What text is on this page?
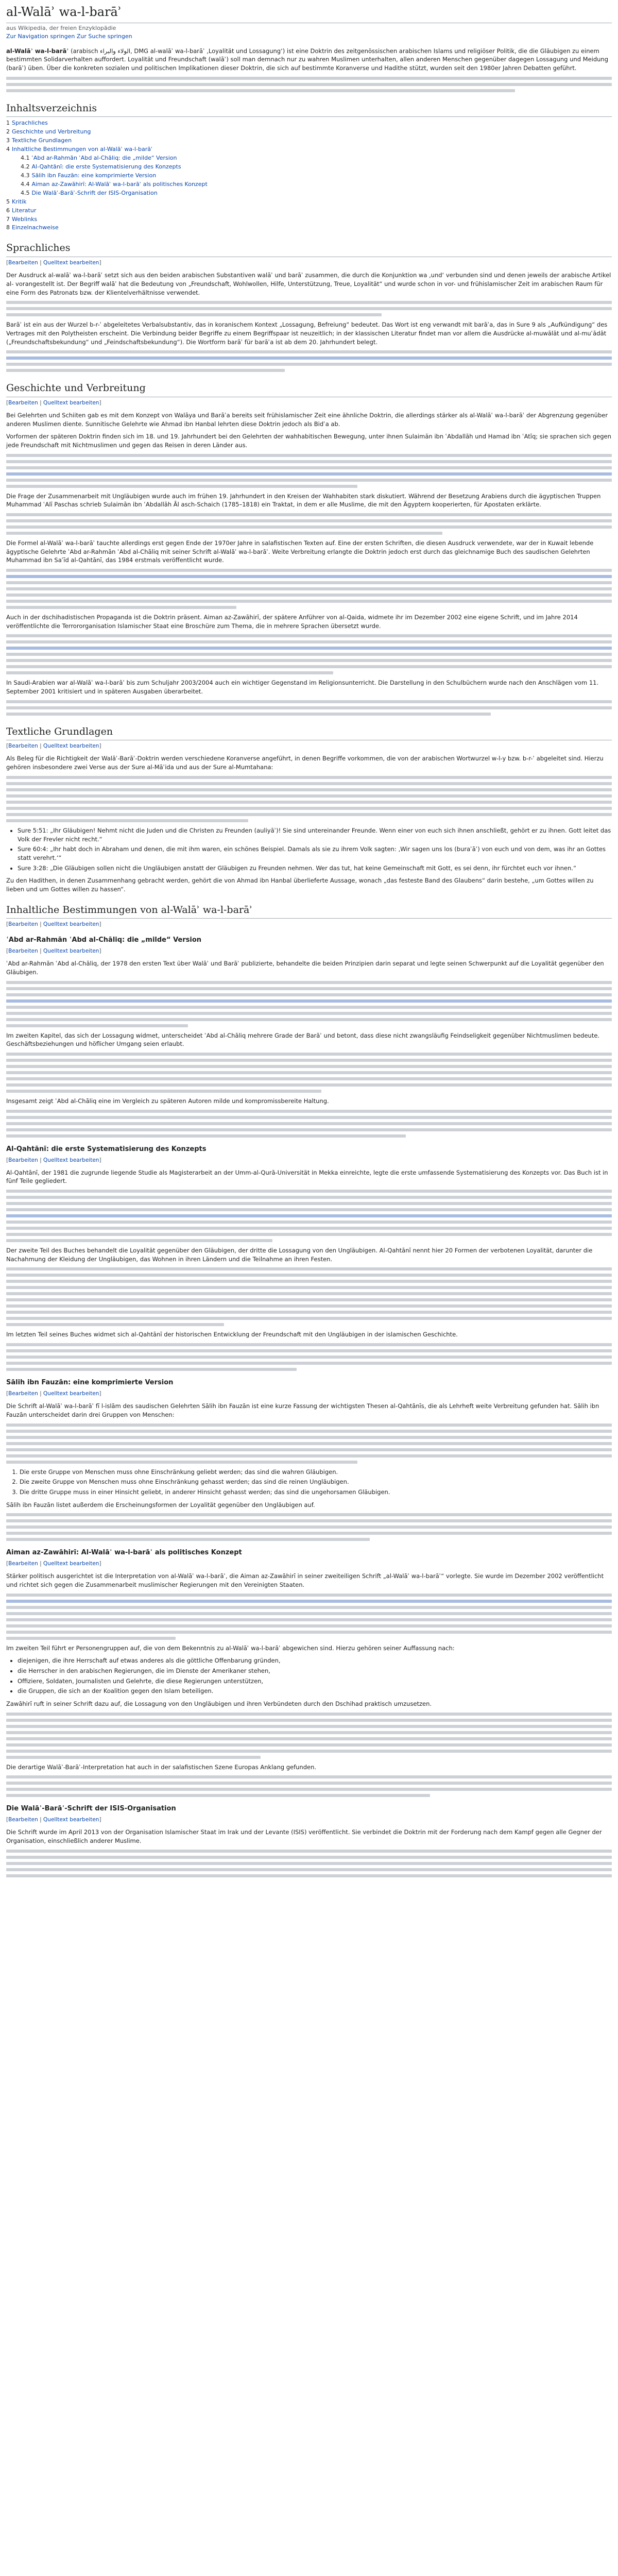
al-Walāʾ wa-l-barāʾ
aus Wikipedia, der freien Enzyklopädie
Zur Navigation springen Zur Suche springen

al-Walāʾ wa-l-barāʾ (arabisch الولاء والبراء, DMG al-walāʾ wa-l-barāʾ ‚Loyalität und Lossagung‘) ist eine Doktrin des zeitgenössischen arabischen Islams und religiöser Politik, die die Gläubigen zu einem bestimmten Solidarverhalten auffordert. Loyalität und Freundschaft (walāʾ) soll man demnach nur zu wahren Muslimen unterhalten, allen anderen Menschen gegenüber dagegen Lossagung und Meidung (barāʾ) üben. Über die konkreten sozialen und politischen Implikationen dieser Doktrin, die sich auf bestimmte Koranverse und Hadithe stützt, wurden seit den 1980er Jahren Debatten geführt.

Inhaltsverzeichnis
1 Sprachliches
2 Geschichte und Verbreitung
3 Textliche Grundlagen
4 Inhaltliche Bestimmungen von al-Walāʾ wa-l-barāʾ
4.1 ʿAbd ar-Rahmān ʿAbd al-Chāliq: die „milde“ Version
4.2 Al-Qahtānī: die erste Systematisierung des Konzepts
4.3 Sālih ibn Fauzān: eine komprimierte Version
4.4 Aiman az-Zawāhirī: Al-Walāʾ wa-l-barāʾ als politisches Konzept
4.5 Die Walāʾ-Barāʾ-Schrift der ISIS-Organisation
5 Kritik
6 Literatur
7 Weblinks
8 Einzelnachweise
Sprachliches
[Bearbeiten | Quelltext bearbeiten]

Der Ausdruck al-walāʾ wa-l-barāʾ setzt sich aus den beiden arabischen Substantiven walāʾ und barāʾ zusammen, die durch die Konjunktion wa ‚und‘ verbunden sind und denen jeweils der arabische Artikel al- vorangestellt ist. Der Begriff walāʾ hat die Bedeutung von „Freundschaft, Wohlwollen, Hilfe, Unterstützung, Treue, Loyalität“ und wurde schon in vor- und frühislamischer Zeit im arabischen Raum für eine Form des Patronats bzw. der Klientelverhältnisse verwendet.

Barāʾ ist ein aus der Wurzel b-r-ʾ abgeleitetes Verbalsubstantiv, das in koranischem Kontext „Lossagung, Befreiung“ bedeutet. Das Wort ist eng verwandt mit barāʾa, das in Sure 9 als „Aufkündigung“ des Vertrages mit den Polytheisten erscheint. Die Verbindung beider Begriffe zu einem Begriffspaar ist neuzeitlich; in der klassischen Literatur findet man vor allem die Ausdrücke al-muwālāt und al-muʿādāt („Freundschaftsbekundung“ und „Feindschaftsbekundung“). Die Wortform barāʾ für barāʾa ist ab dem 20. Jahrhundert belegt.

Geschichte und Verbreitung
[Bearbeiten | Quelltext bearbeiten]

Bei Gelehrten und Schiiten gab es mit dem Konzept von Walāya und Barāʾa bereits seit frühislamischer Zeit eine ähnliche Doktrin, die allerdings stärker als al-Walāʾ wa-l-barāʾ der Abgrenzung gegenüber anderen Muslimen diente. Sunnitische Gelehrte wie Ahmad ibn Hanbal lehrten diese Doktrin jedoch als Bidʿa ab.

Vorformen der späteren Doktrin finden sich im 18. und 19. Jahrhundert bei den Gelehrten der wahhabitischen Bewegung, unter ihnen Sulaimān ibn ʿAbdallāh und Hamad ibn ʿAtīq; sie sprachen sich gegen jede Freundschaft mit Nichtmuslimen und gegen das Reisen in deren Länder aus.

Die Frage der Zusammenarbeit mit Ungläubigen wurde auch im frühen 19. Jahrhundert in den Kreisen der Wahhabiten stark diskutiert. Während der Besetzung Arabiens durch die ägyptischen Truppen Muhammad ʿAlī Paschas schrieb Sulaimān ibn ʿAbdallāh Āl asch-Schaich (1785–1818) ein Traktat, in dem er alle Muslime, die mit den Ägyptern kooperierten, für Apostaten erklärte.

Die Formel al-Walāʾ wa-l-barāʾ tauchte allerdings erst gegen Ende der 1970er Jahre in salafistischen Texten auf. Eine der ersten Schriften, die diesen Ausdruck verwendete, war der in Kuwait lebende ägyptische Gelehrte ʿAbd ar-Rahmān ʿAbd al-Chāliq mit seiner Schrift al-Walāʾ wa-l-barāʾ. Weite Verbreitung erlangte die Doktrin jedoch erst durch das gleichnamige Buch des saudischen Gelehrten Muhammad ibn Saʿīd al-Qahtānī, das 1984 erstmals veröffentlicht wurde.

Auch in der dschihadistischen Propaganda ist die Doktrin präsent. Aiman az-Zawāhirī, der spätere Anführer von al-Qaida, widmete ihr im Dezember 2002 eine eigene Schrift, und im Jahre 2014 veröffentlichte die Terrororganisation Islamischer Staat eine Broschüre zum Thema, die in mehrere Sprachen übersetzt wurde.

In Saudi-Arabien war al-Walāʾ wa-l-barāʾ bis zum Schuljahr 2003/2004 auch ein wichtiger Gegenstand im Religionsunterricht. Die Darstellung in den Schulbüchern wurde nach den Anschlägen vom 11. September 2001 kritisiert und in späteren Ausgaben überarbeitet.

Textliche Grundlagen
[Bearbeiten | Quelltext bearbeiten]

Als Beleg für die Richtigkeit der Walāʾ-Barāʾ-Doktrin werden verschiedene Koranverse angeführt, in denen Begriffe vorkommen, die von der arabischen Wortwurzel w-l-y bzw. b-r-ʾ abgeleitet sind. Hierzu gehören insbesondere zwei Verse aus der Sure al-Māʾida und aus der Sure al-Mumtahana:

• Sure 5:51: „Ihr Gläubigen! Nehmt nicht die Juden und die Christen zu Freunden (auliyāʾ)! Sie sind untereinander Freunde. Wenn einer von euch sich ihnen anschließt, gehört er zu ihnen. Gott leitet das Volk der Frevler nicht recht.“
• Sure 60:4: „Ihr habt doch in Abraham und denen, die mit ihm waren, ein schönes Beispiel. Damals als sie zu ihrem Volk sagten: ‚Wir sagen uns los (buraʾāʾ) von euch und von dem, was ihr an Gottes statt verehrt.‘“
• Sure 3:28: „Die Gläubigen sollen nicht die Ungläubigen anstatt der Gläubigen zu Freunden nehmen. Wer das tut, hat keine Gemeinschaft mit Gott, es sei denn, ihr fürchtet euch vor ihnen.“

Zu den Hadithen, in denen Zusammenhang gebracht werden, gehört die von Ahmad ibn Hanbal überlieferte Aussage, wonach „das festeste Band des Glaubens“ darin bestehe, „um Gottes willen zu lieben und um Gottes willen zu hassen“.

Inhaltliche Bestimmungen von al-Walāʾ wa-l-barāʾ
[Bearbeiten | Quelltext bearbeiten]
ʿAbd ar-Rahmān ʿAbd al-Chāliq: die „milde“ Version
[Bearbeiten | Quelltext bearbeiten]

ʿAbd ar-Rahmān ʿAbd al-Chāliq, der 1978 den ersten Text über Walāʾ und Barāʾ publizierte, behandelte die beiden Prinzipien darin separat und legte seinen Schwerpunkt auf die Loyalität gegenüber den Gläubigen.

Im zweiten Kapitel, das sich der Lossagung widmet, unterscheidet ʿAbd al-Chāliq mehrere Grade der Barāʾ und betont, dass diese nicht zwangsläufig Feindseligkeit gegenüber Nichtmuslimen bedeute. Geschäftsbeziehungen und höflicher Umgang seien erlaubt.

Insgesamt zeigt ʿAbd al-Chāliq eine im Vergleich zu späteren Autoren milde und kompromissbereite Haltung.

Al-Qahtānī: die erste Systematisierung des Konzepts
[Bearbeiten | Quelltext bearbeiten]

Al-Qahtānī, der 1981 die zugrunde liegende Studie als Magisterarbeit an der Umm-al-Qurā-Universität in Mekka einreichte, legte die erste umfassende Systematisierung des Konzepts vor. Das Buch ist in fünf Teile gegliedert.

Der zweite Teil des Buches behandelt die Loyalität gegenüber den Gläubigen, der dritte die Lossagung von den Ungläubigen. Al-Qahtānī nennt hier 20 Formen der verbotenen Loyalität, darunter die Nachahmung der Kleidung der Ungläubigen, das Wohnen in ihren Ländern und die Teilnahme an ihren Festen.

Im letzten Teil seines Buches widmet sich al-Qahtānī der historischen Entwicklung der Freundschaft mit den Ungläubigen in der islamischen Geschichte.

Sālih ibn Fauzān: eine komprimierte Version
[Bearbeiten | Quelltext bearbeiten]

Die Schrift al-Walāʾ wa-l-barāʾ fī l-islām des saudischen Gelehrten Sālih ibn Fauzān ist eine kurze Fassung der wichtigsten Thesen al-Qahtānīs, die als Lehrheft weite Verbreitung gefunden hat. Sālih ibn Fauzān unterscheidet darin drei Gruppen von Menschen:

1. Die erste Gruppe von Menschen muss ohne Einschränkung geliebt werden; das sind die wahren Gläubigen.
2. Die zweite Gruppe von Menschen muss ohne Einschränkung gehasst werden; das sind die reinen Ungläubigen.
3. Die dritte Gruppe muss in einer Hinsicht geliebt, in anderer Hinsicht gehasst werden; das sind die ungehorsamen Gläubigen.

Sālih ibn Fauzān listet außerdem die Erscheinungsformen der Loyalität gegenüber den Ungläubigen auf.

Aiman az-Zawāhirī: Al-Walāʾ wa-l-barāʾ als politisches Konzept
[Bearbeiten | Quelltext bearbeiten]

Stärker politisch ausgerichtet ist die Interpretation von al-Walāʾ wa-l-barāʾ, die Aiman az-Zawāhirī in seiner zweiteiligen Schrift „al-Walāʾ wa-l-barāʾ“ vorlegte. Sie wurde im Dezember 2002 veröffentlicht und richtet sich gegen die Zusammenarbeit muslimischer Regierungen mit den Vereinigten Staaten.

Im zweiten Teil führt er Personengruppen auf, die von dem Bekenntnis zu al-Walāʾ wa-l-barāʾ abgewichen sind. Hierzu gehören seiner Auffassung nach:

• diejenigen, die ihre Herrschaft auf etwas anderes als die göttliche Offenbarung gründen,
• die Herrscher in den arabischen Regierungen, die im Dienste der Amerikaner stehen,
• Offiziere, Soldaten, Journalisten und Gelehrte, die diese Regierungen unterstützen,
• die Gruppen, die sich an der Koalition gegen den Islam beteiligen.

Zawāhirī ruft in seiner Schrift dazu auf, die Lossagung von den Ungläubigen und ihren Verbündeten durch den Dschihad praktisch umzusetzen.

Die derartige Walāʾ-Barāʾ-Interpretation hat auch in der salafistischen Szene Europas Anklang gefunden.

Die Walāʾ-Barāʾ-Schrift der ISIS-Organisation
[Bearbeiten | Quelltext bearbeiten]

Die Schrift wurde im April 2013 von der Organisation Islamischer Staat im Irak und der Levante (ISIS) veröffentlicht. Sie verbindet die Doktrin mit der Forderung nach dem Kampf gegen alle Gegner der Organisation, einschließlich anderer Muslime.
